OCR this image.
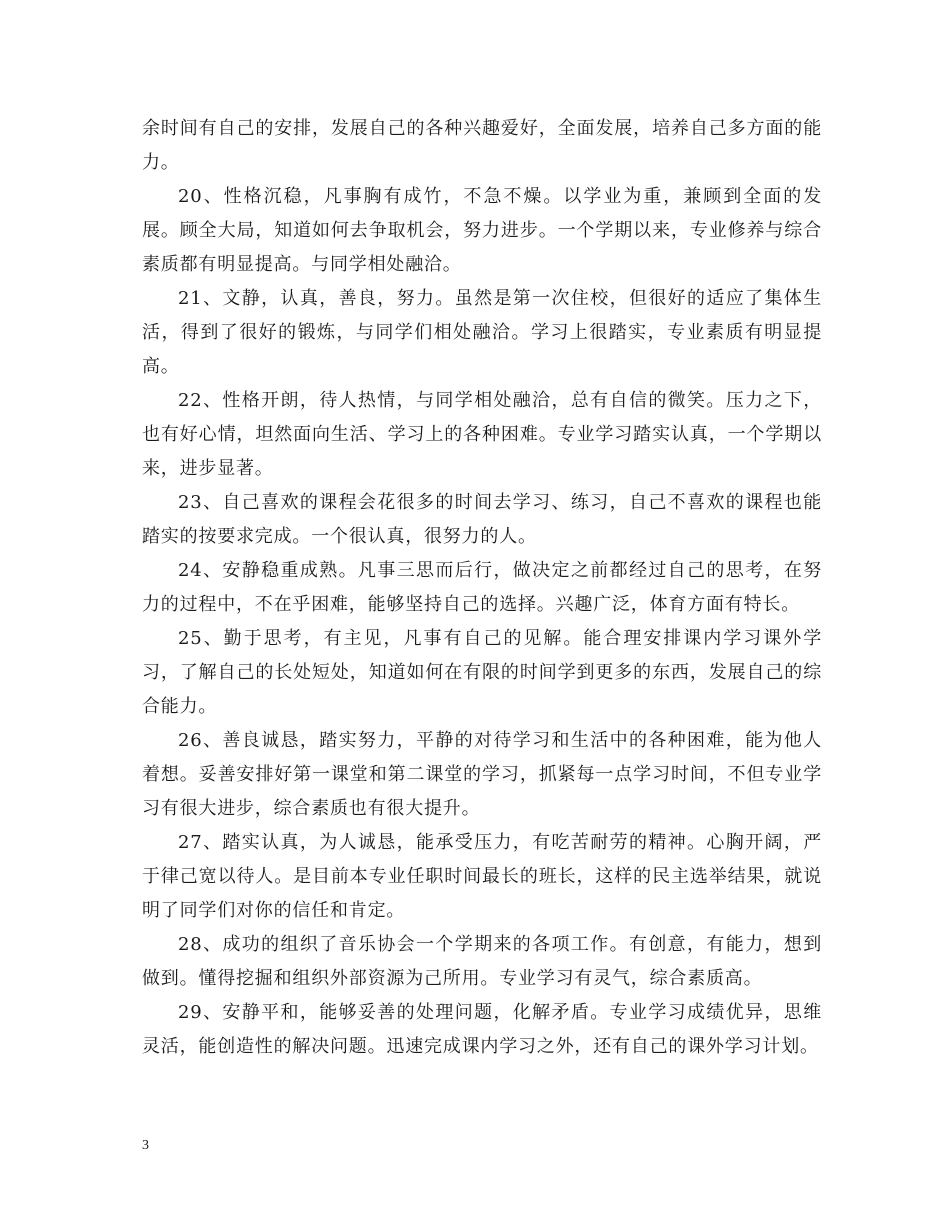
余时间有自己的安排，发展自己的各种兴趣爱好，全面发展，培养自己多方面的能力。

20、性格沉稳，凡事胸有成竹，不急不燥。以学业为重，兼顾到全面的发展。顾全大局，知道如何去争取机会，努力进步。一个学期以来，专业修养与综合素质都有明显提高。与同学相处融洽。

21、文静，认真，善良，努力。虽然是第一次住校，但很好的适应了集体生活，得到了很好的锻炼，与同学们相处融洽。学习上很踏实，专业素质有明显提高。

22、性格开朗，待人热情，与同学相处融洽，总有自信的微笑。压力之下，也有好心情，坦然面向生活、学习上的各种困难。专业学习踏实认真，一个学期以来，进步显著。

23、自己喜欢的课程会花很多的时间去学习、练习，自己不喜欢的课程也能踏实的按要求完成。一个很认真，很努力的人。

24、安静稳重成熟。凡事三思而后行，做决定之前都经过自己的思考，在努力的过程中，不在乎困难，能够坚持自己的选择。兴趣广泛，体育方面有特长。

25、勤于思考，有主见，凡事有自己的见解。能合理安排课内学习课外学习，了解自己的长处短处，知道如何在有限的时间学到更多的东西，发展自己的综合能力。

26、善良诚恳，踏实努力，平静的对待学习和生活中的各种困难，能为他人着想。妥善安排好第一课堂和第二课堂的学习，抓紧每一点学习时间，不但专业学习有很大进步，综合素质也有很大提升。

27、踏实认真，为人诚恳，能承受压力，有吃苦耐劳的精神。心胸开阔，严于律己宽以待人。是目前本专业任职时间最长的班长，这样的民主选举结果，就说明了同学们对你的信任和肯定。

28、成功的组织了音乐协会一个学期来的各项工作。有创意，有能力，想到做到。懂得挖掘和组织外部资源为己所用。专业学习有灵气，综合素质高。

29、安静平和，能够妥善的处理问题，化解矛盾。专业学习成绩优异，思维灵活，能创造性的解决问题。迅速完成课内学习之外，还有自己的课外学习计划。

3
